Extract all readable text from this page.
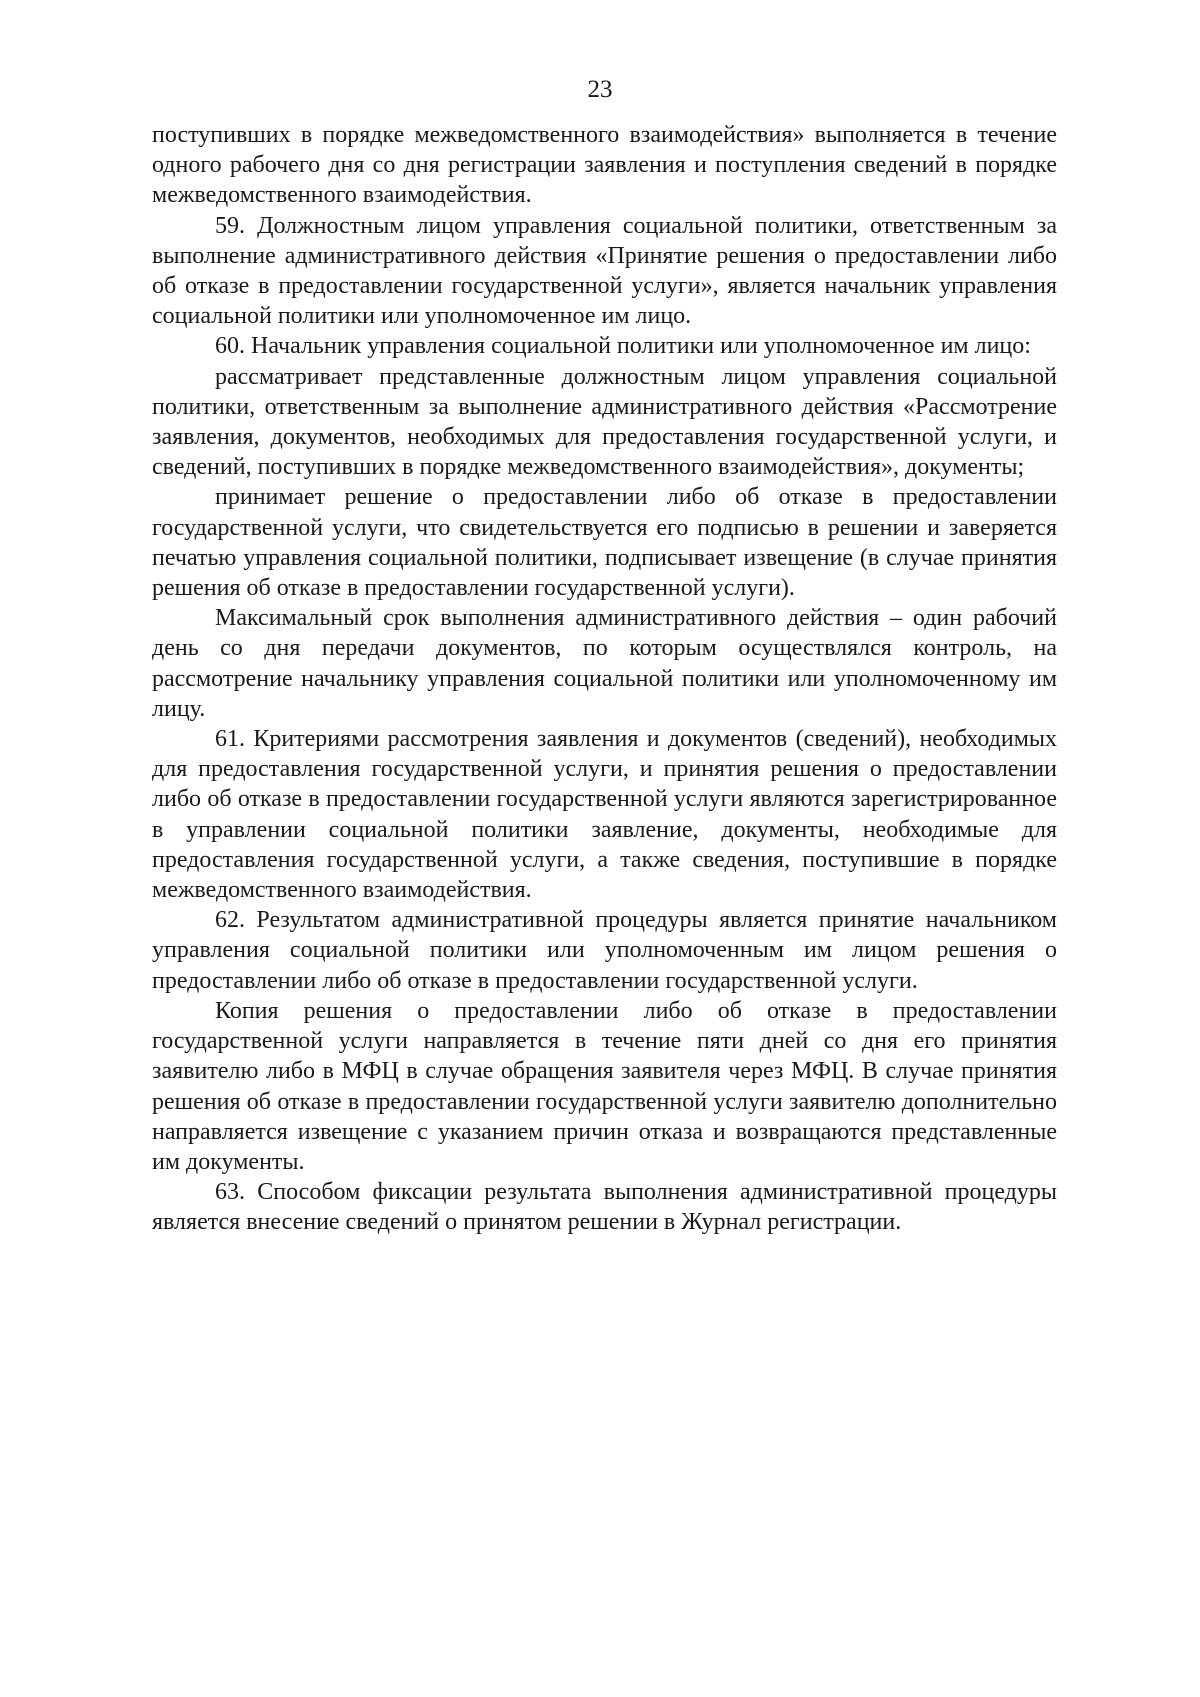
23

поступивших в порядке межведомственного взаимодействия» выполняется в течение одного рабочего дня со дня регистрации заявления и поступления сведений в порядке межведомственного взаимодействия.

59. Должностным лицом управления социальной политики, ответственным за выполнение административного действия «Принятие решения о предоставлении либо об отказе в предоставлении государственной услуги», является начальник управления социальной политики или уполномоченное им лицо.

60. Начальник управления социальной политики или уполномоченное им лицо:

рассматривает представленные должностным лицом управления социальной политики, ответственным за выполнение административного действия «Рассмотрение заявления, документов, необходимых для предоставления государственной услуги, и сведений, поступивших в порядке межведомственного взаимодействия», документы;

принимает решение о предоставлении либо об отказе в предоставлении государственной услуги, что свидетельствуется его подписью в решении и заверяется печатью управления социальной политики, подписывает извещение (в случае принятия решения об отказе в предоставлении государственной услуги).

Максимальный срок выполнения административного действия – один рабочий день со дня передачи документов, по которым осуществлялся контроль, на рассмотрение начальнику управления социальной политики или уполномоченному им лицу.

61. Критериями рассмотрения заявления и документов (сведений), необходимых для предоставления государственной услуги, и принятия решения о предоставлении либо об отказе в предоставлении государственной услуги являются зарегистрированное в управлении социальной политики заявление, документы, необходимые для предоставления государственной услуги, а также сведения, поступившие в порядке межведомственного взаимодействия.

62. Результатом административной процедуры является принятие начальником управления социальной политики или уполномоченным им лицом решения о предоставлении либо об отказе в предоставлении государственной услуги.

Копия решения о предоставлении либо об отказе в предоставлении государственной услуги направляется в течение пяти дней со дня его принятия заявителю либо в МФЦ в случае обращения заявителя через МФЦ. В случае принятия решения об отказе в предоставлении государственной услуги заявителю дополнительно направляется извещение с указанием причин отказа и возвращаются представленные им документы.

63. Способом фиксации результата выполнения административной процедуры является внесение сведений о принятом решении в Журнал регистрации.
